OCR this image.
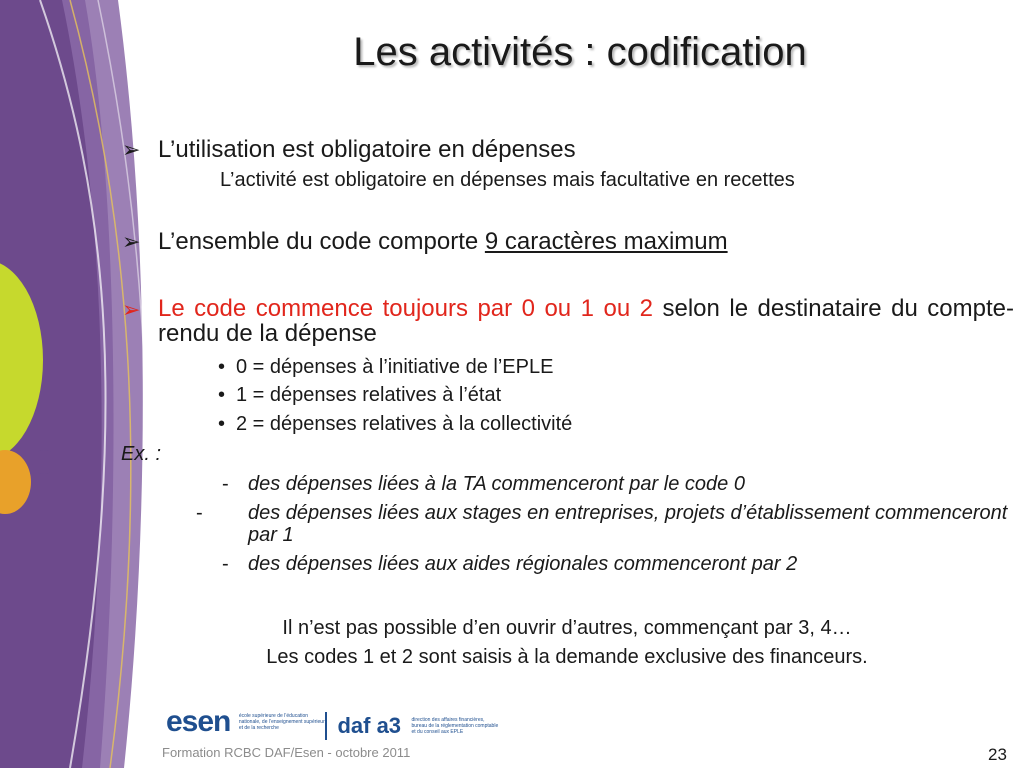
Les activités : codification
➢ L’utilisation est obligatoire en dépenses
L’activité est obligatoire en dépenses mais facultative en recettes
➢ L’ensemble du code comporte 9 caractères maximum
➢ Le code commence toujours par 0 ou 1 ou 2 selon le destinataire du compte-rendu de la dépense
• 0 = dépenses à l’initiative de l’EPLE
• 1 = dépenses relatives à l’état
• 2 = dépenses relatives à la collectivité
Ex. :
- des dépenses liées à la TA commenceront par le code 0
- des dépenses liées aux stages en entreprises, projets d’établissement commenceront par 1
- des dépenses liées aux aides régionales commenceront par 2
Il n’est pas possible d’en ouvrir d’autres, commençant par 3, 4…
Les codes 1 et 2 sont saisis à la demande exclusive des financeurs.
esen école supérieure de l’éducation nationale, de l’enseignement supérieur et de la recherche	daf a3 direction des affaires financières, bureau de la réglementation comptable et du conseil aux EPLE
Formation RCBC DAF/Esen - octobre 2011	23
